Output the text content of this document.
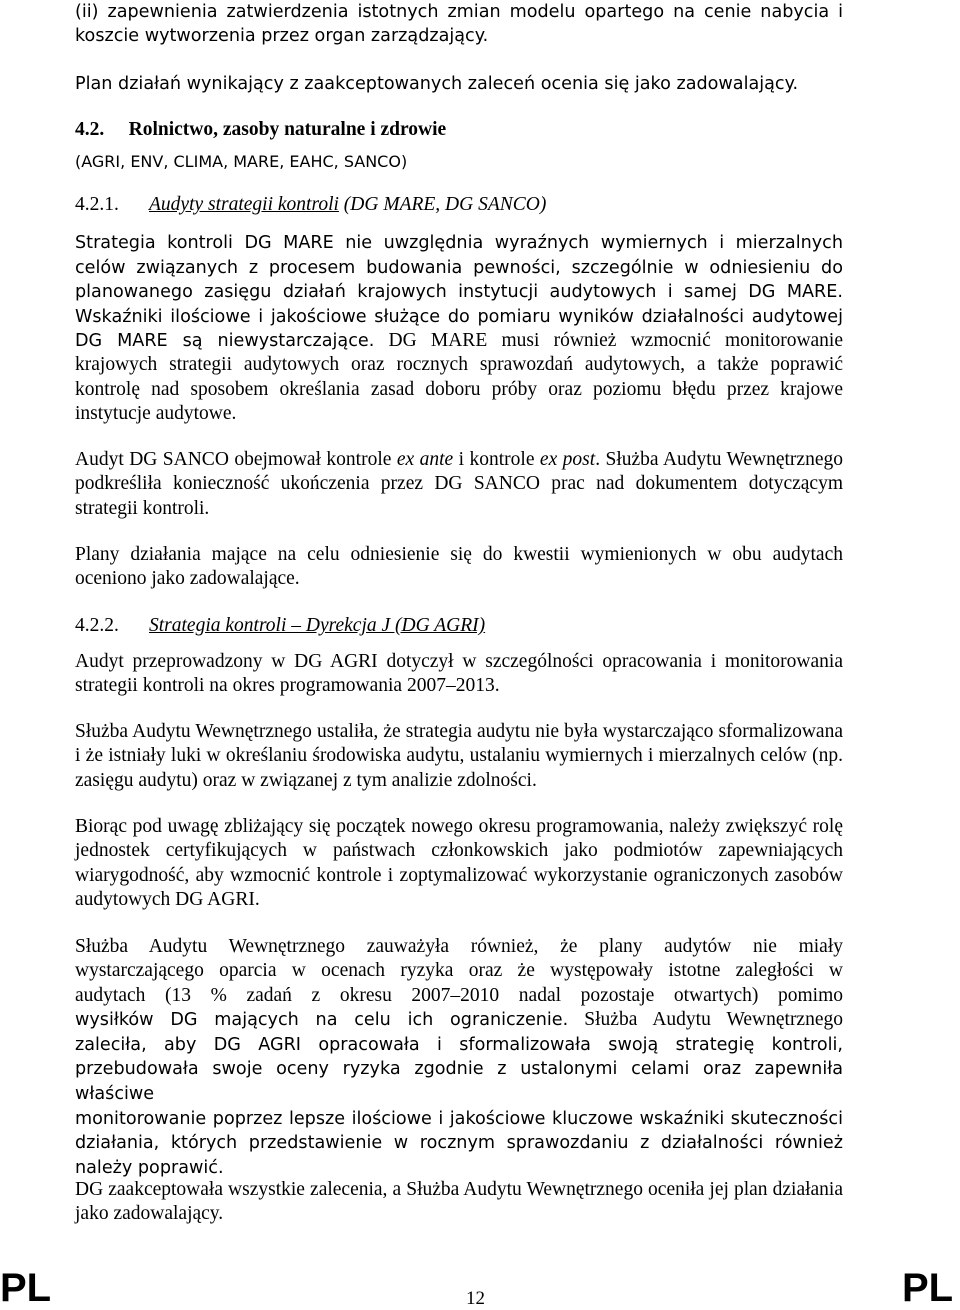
(ii) zapewnienia zatwierdzenia istotnych zmian modelu opartego na cenie nabycia i

koszcie wytworzenia przez organ zarządzający.

Plan działań wynikający z zaakceptowanych zaleceń ocenia się jako zadowalający.

4.2. Rolnictwo, zasoby naturalne i zdrowie

(AGRI, ENV, CLIMA, MARE, EAHC, SANCO)

4.2.1. Audyty strategii kontroli (DG MARE, DG SANCO)

Strategia kontroli DG MARE nie uwzględnia wyraźnych wymiernych i mierzalnych
celów związanych z procesem budowania pewności, szczególnie w odniesieniu do
planowanego zasięgu działań krajowych instytucji audytowych i samej DG MARE.
Wskaźniki ilościowe i jakościowe służące do pomiaru wyników działalności audytowej

DG MARE są niewystarczające. DG MARE musi również wzmocnić monitorowanie krajowych strategii audytowych oraz rocznych sprawozdań audytowych, a także poprawić kontrolę nad sposobem określania zasad doboru próby oraz poziomu błędu przez krajowe instytucje audytowe.

Audyt DG SANCO obejmował kontrole ex ante i kontrole ex post. Służba Audytu Wewnętrznego podkreśliła konieczność ukończenia przez DG SANCO prac nad dokumentem dotyczącym strategii kontroli.

Plany działania mające na celu odniesienie się do kwestii wymienionych w obu audytach oceniono jako zadowalające.

4.2.2. Strategia kontroli – Dyrekcja J (DG AGRI)

Audyt przeprowadzony w DG AGRI dotyczył w szczególności opracowania i monitorowania strategii kontroli na okres programowania 2007–2013.

Służba Audytu Wewnętrznego ustaliła, że strategia audytu nie była wystarczająco sformalizowana i że istniały luki w określaniu środowiska audytu, ustalaniu wymiernych i mierzalnych celów (np. zasięgu audytu) oraz w związanej z tym analizie zdolności.

Biorąc pod uwagę zbliżający się początek nowego okresu programowania, należy zwiększyć rolę jednostek certyfikujących w państwach członkowskich jako podmiotów zapewniających wiarygodność, aby wzmocnić kontrole i zoptymalizować wykorzystanie ograniczonych zasobów audytowych DG AGRI.

Służba Audytu Wewnętrznego zauważyła również, że plany audytów nie miały
wystarczającego oparcia w ocenach ryzyka oraz że występowały istotne zaległości w
audytach (13 % zadań z okresu 2007–2010 nadal pozostaje otwartych) pomimo
wysiłków DG mających na celu ich ograniczenie. Służba Audytu Wewnętrznego
zaleciła, aby DG AGRI opracowała i sformalizowała swoją strategię kontroli,
przebudowała swoje oceny ryzyka zgodnie z ustalonymi celami oraz zapewniła właściwe
monitorowanie poprzez lepsze ilościowe i jakościowe kluczowe wskaźniki skuteczności
działania, których przedstawienie w rocznym sprawozdaniu z działalności również
należy poprawić.

DG zaakceptowała wszystkie zalecenia, a Służba Audytu Wewnętrznego oceniła jej plan działania jako zadowalający.

PL	12	PL
